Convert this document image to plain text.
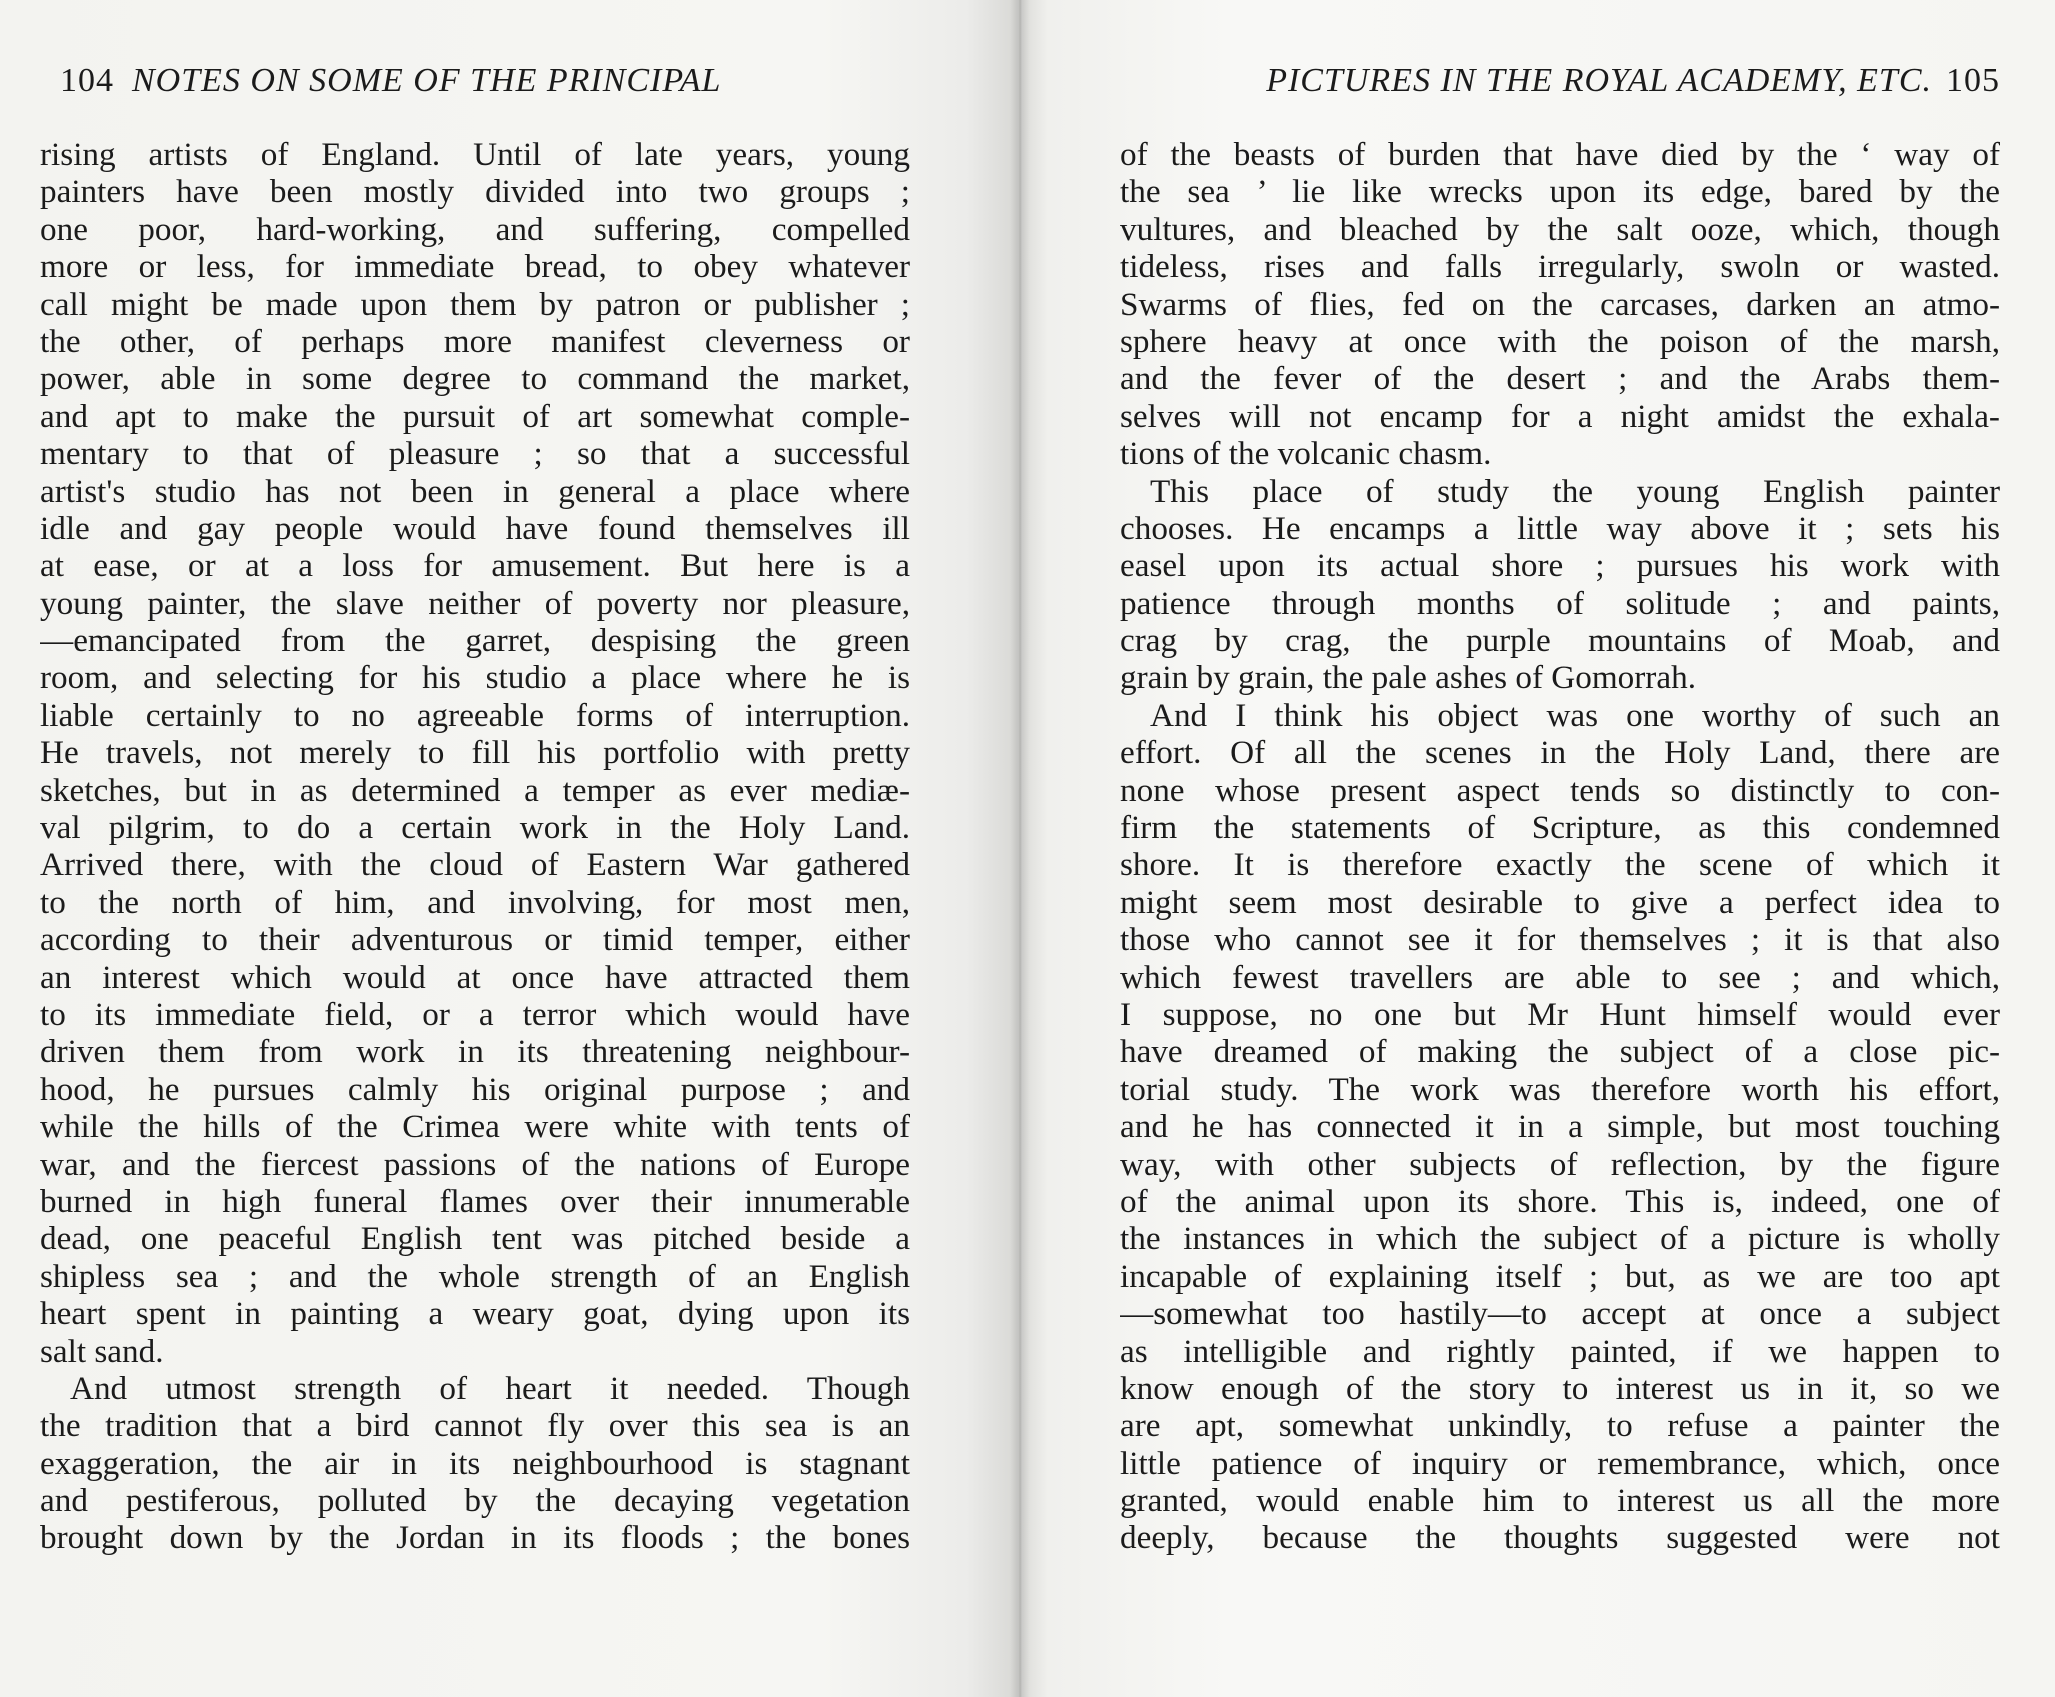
104 NOTES ON SOME OF THE PRINCIPAL
rising artists of England. Until of late years, young
painters have been mostly divided into two groups ;
one poor, hard-working, and suffering, compelled
more or less, for immediate bread, to obey whatever
call might be made upon them by patron or publisher ;
the other, of perhaps more manifest cleverness or
power, able in some degree to command the market,
and apt to make the pursuit of art somewhat comple-
mentary to that of pleasure ; so that a successful
artist's studio has not been in general a place where
idle and gay people would have found themselves ill
at ease, or at a loss for amusement. But here is a
young painter, the slave neither of poverty nor pleasure,
—emancipated from the garret, despising the green
room, and selecting for his studio a place where he is
liable certainly to no agreeable forms of interruption.
He travels, not merely to fill his portfolio with pretty
sketches, but in as determined a temper as ever mediæ-
val pilgrim, to do a certain work in the Holy Land.
Arrived there, with the cloud of Eastern War gathered
to the north of him, and involving, for most men,
according to their adventurous or timid temper, either
an interest which would at once have attracted them
to its immediate field, or a terror which would have
driven them from work in its threatening neighbour-
hood, he pursues calmly his original purpose ; and
while the hills of the Crimea were white with tents of
war, and the fiercest passions of the nations of Europe
burned in high funeral flames over their innumerable
dead, one peaceful English tent was pitched beside a
shipless sea ; and the whole strength of an English
heart spent in painting a weary goat, dying upon its
salt sand.
And utmost strength of heart it needed. Though
the tradition that a bird cannot fly over this sea is an
exaggeration, the air in its neighbourhood is stagnant
and pestiferous, polluted by the decaying vegetation
brought down by the Jordan in its floods ; the bones
PICTURES IN THE ROYAL ACADEMY, ETC. 105
of the beasts of burden that have died by the ‘ way of
the sea ’ lie like wrecks upon its edge, bared by the
vultures, and bleached by the salt ooze, which, though
tideless, rises and falls irregularly, swoln or wasted.
Swarms of flies, fed on the carcases, darken an atmo-
sphere heavy at once with the poison of the marsh,
and the fever of the desert ; and the Arabs them-
selves will not encamp for a night amidst the exhala-
tions of the volcanic chasm.
This place of study the young English painter
chooses. He encamps a little way above it ; sets his
easel upon its actual shore ; pursues his work with
patience through months of solitude ; and paints,
crag by crag, the purple mountains of Moab, and
grain by grain, the pale ashes of Gomorrah.
And I think his object was one worthy of such an
effort. Of all the scenes in the Holy Land, there are
none whose present aspect tends so distinctly to con-
firm the statements of Scripture, as this condemned
shore. It is therefore exactly the scene of which it
might seem most desirable to give a perfect idea to
those who cannot see it for themselves ; it is that also
which fewest travellers are able to see ; and which,
I suppose, no one but Mr Hunt himself would ever
have dreamed of making the subject of a close pic-
torial study. The work was therefore worth his effort,
and he has connected it in a simple, but most touching
way, with other subjects of reflection, by the figure
of the animal upon its shore. This is, indeed, one of
the instances in which the subject of a picture is wholly
incapable of explaining itself ; but, as we are too apt
—somewhat too hastily—to accept at once a subject
as intelligible and rightly painted, if we happen to
know enough of the story to interest us in it, so we
are apt, somewhat unkindly, to refuse a painter the
little patience of inquiry or remembrance, which, once
granted, would enable him to interest us all the more
deeply, because the thoughts suggested were not
